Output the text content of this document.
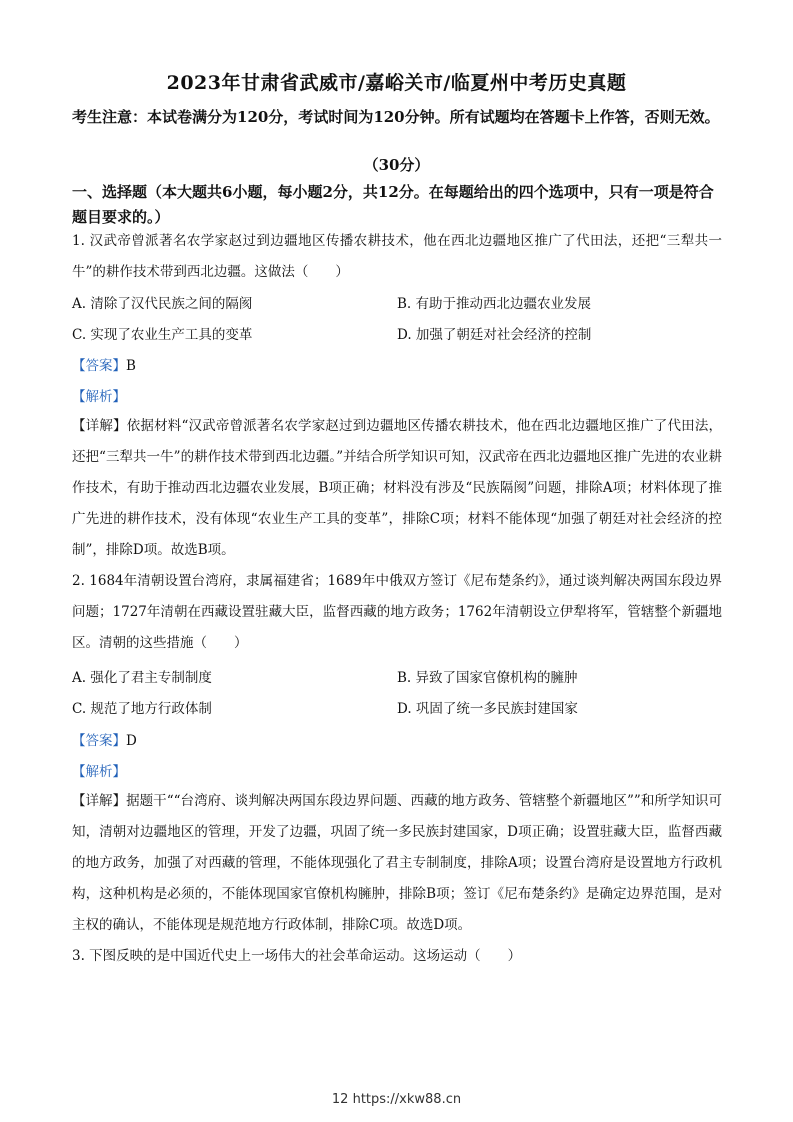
2023年甘肃省武威市/嘉峪关市/临夏州中考历史真题
考生注意：本试卷满分为120分，考试时间为120分钟。所有试题均在答题卡上作答，否则无效。
（30分）
一、选择题（本大题共6小题，每小题2分，共12分。在每题给出的四个选项中，只有一项是符合题目要求的。）
1. 汉武帝曾派著名农学家赵过到边疆地区传播农耕技术，他在西北边疆地区推广了代田法，还把“三犁共一牛”的耕作技术带到西北边疆。这做法（　　）
A. 清除了汉代民族之间的隔阂	B. 有助于推动西北边疆农业发展
C. 实现了农业生产工具的变革	D. 加强了朝廷对社会经济的控制
【答案】B
【解析】
【详解】依据材料“汉武帝曾派著名农学家赵过到边疆地区传播农耕技术，他在西北边疆地区推广了代田法，还把“三犁共一牛”的耕作技术带到西北边疆。”并结合所学知识可知，汉武帝在西北边疆地区推广先进的农业耕作技术，有助于推动西北边疆农业发展，B项正确；材料没有涉及“民族隔阂”问题，排除A项；材料体现了推广先进的耕作技术，没有体现“农业生产工具的变革”，排除C项；材料不能体现“加强了朝廷对社会经济的控制”，排除D项。故选B项。
2. 1684年清朝设置台湾府，隶属福建省；1689年中俄双方签订《尼布楚条约》，通过谈判解决两国东段边界问题；1727年清朝在西藏设置驻藏大臣，监督西藏的地方政务；1762年清朝设立伊犁将军，管辖整个新疆地区。清朝的这些措施（　　）
A. 强化了君主专制制度	B. 异致了国家官僚机构的臃肿
C. 规范了地方行政体制	D. 巩固了统一多民族封建国家
【答案】D
【解析】
【详解】据题干““台湾府、谈判解决两国东段边界问题、西藏的地方政务、管辖整个新疆地区””和所学知识可知，清朝对边疆地区的管理，开发了边疆，巩固了统一多民族封建国家，D项正确；设置驻藏大臣，监督西藏的地方政务，加强了对西藏的管理，不能体现强化了君主专制制度，排除A项；设置台湾府是设置地方行政机构，这种机构是必须的，不能体现国家官僚机构臃肿，排除B项；签订《尼布楚条约》是确定边界范围，是对主权的确认，不能体现是规范地方行政体制，排除C项。故选D项。
3. 下图反映的是中国近代史上一场伟大的社会革命运动。这场运动（　　）
12 https://xkw88.cn
